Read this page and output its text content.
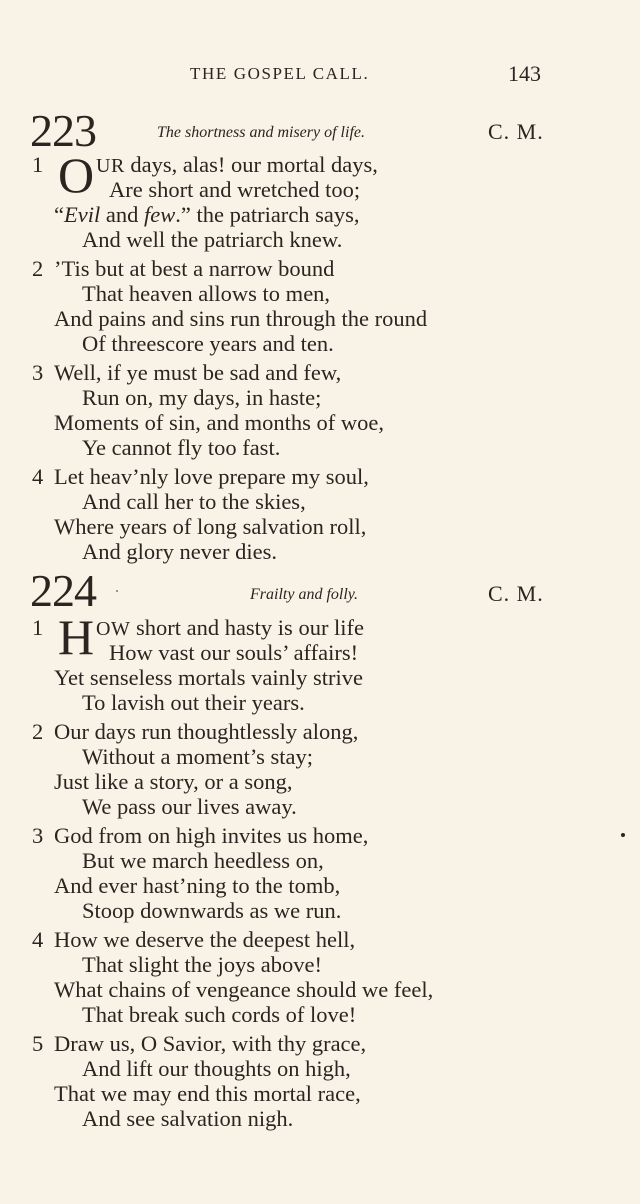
THE GOSPEL CALL.	143
223	The shortness and misery of life.	C. M.
1 O UR days, alas! our mortal days,
Are short and wretched too;
“Evil and few.” the patriarch says,
And well the patriarch knew.
2 ’Tis but at best a narrow bound
That heaven allows to men,
And pains and sins run through the round
Of threescore years and ten.
3 Well, if ye must be sad and few,
Run on, my days, in haste;
Moments of sin, and months of woe,
Ye cannot fly too fast.
4 Let heav’nly love prepare my soul,
And call her to the skies,
Where years of long salvation roll,
And glory never dies.
224	Frailty and folly.	C. M.
1 H OW short and hasty is our life
How vast our souls’ affairs!
Yet senseless mortals vainly strive
To lavish out their years.
2 Our days run thoughtlessly along,
Without a moment’s stay;
Just like a story, or a song,
We pass our lives away.
3 God from on high invites us home,
But we march heedless on,
And ever hast’ning to the tomb,
Stoop downwards as we run.
4 How we deserve the deepest hell,
That slight the joys above!
What chains of vengeance should we feel,
That break such cords of love!
5 Draw us, O Savior, with thy grace,
And lift our thoughts on high,
That we may end this mortal race,
And see salvation nigh.
